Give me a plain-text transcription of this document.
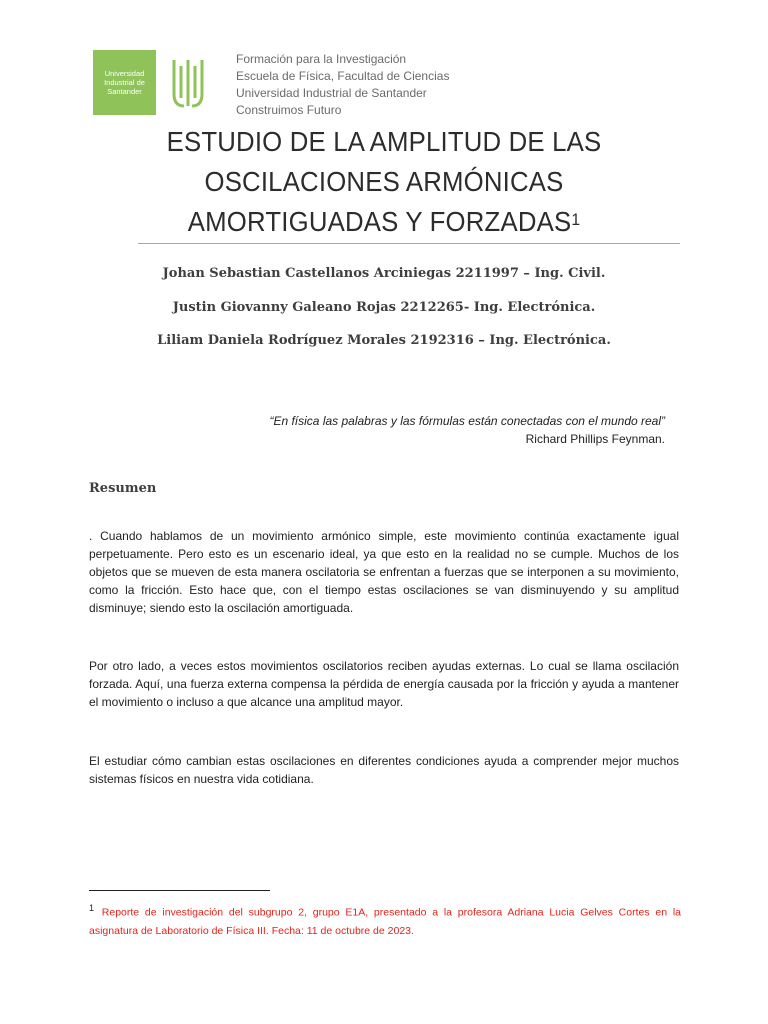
Universidad Industrial de Santander
Formación para la Investigación
Escuela de Física, Facultad de Ciencias
Universidad Industrial de Santander
Construimos Futuro
ESTUDIO DE LA AMPLITUD DE LAS
OSCILACIONES ARMÓNICAS
AMORTIGUADAS Y FORZADAS$^1$
Johan Sebastian Castellanos Arciniegas 2211997 – Ing. Civil.
Justin Giovanny Galeano Rojas 2212265- Ing. Electrónica.
Liliam Daniela Rodríguez Morales 2192316 – Ing. Electrónica.
“En física las palabras y las fórmulas están conectadas con el mundo real”
Richard Phillips Feynman.
Resumen
. Cuando hablamos de un movimiento armónico simple, este movimiento continúa exactamente igual perpetuamente. Pero esto es un escenario ideal, ya que esto en la realidad no se cumple. Muchos de los objetos que se mueven de esta manera oscilatoria se enfrentan a fuerzas que se interponen a su movimiento, como la fricción. Esto hace que, con el tiempo estas oscilaciones se van disminuyendo y su amplitud disminuye; siendo esto la oscilación amortiguada.
Por otro lado, a veces estos movimientos oscilatorios reciben ayudas externas. Lo cual se llama oscilación forzada. Aquí, una fuerza externa compensa la pérdida de energía causada por la fricción y ayuda a mantener el movimiento o incluso a que alcance una amplitud mayor.
El estudiar cómo cambian estas oscilaciones en diferentes condiciones ayuda a comprender mejor muchos sistemas físicos en nuestra vida cotidiana.
$^1$ Reporte de investigación del subgrupo 2, grupo E1A, presentado a la profesora Adriana Lucia Gelves Cortes en la asignatura de Laboratorio de Física III. Fecha: 11 de octubre de 2023.
